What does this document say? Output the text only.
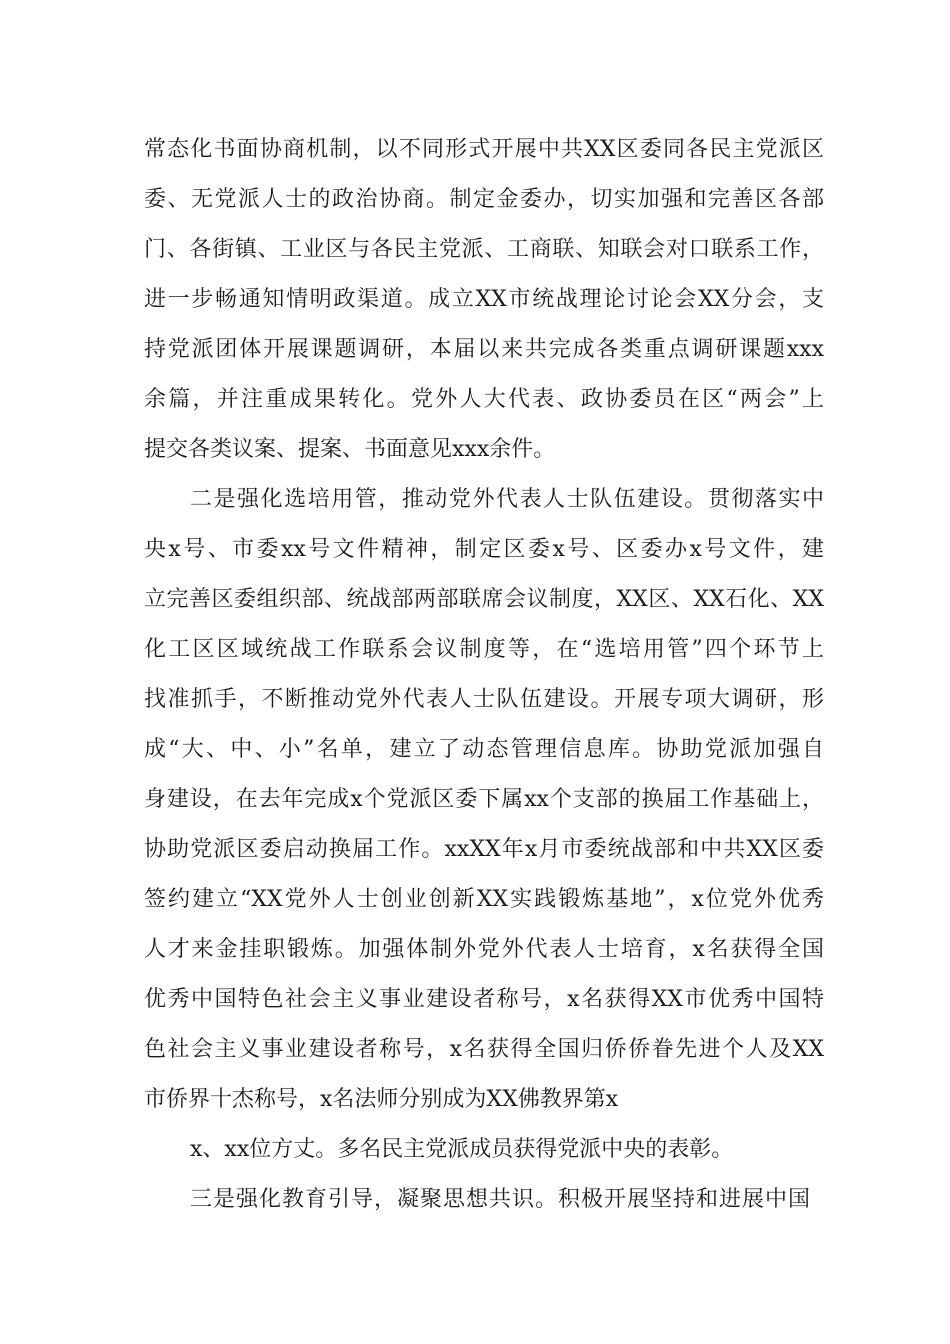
常态化书面协商机制，以不同形式开展中共XX区委同各民主党派区
委、无党派人士的政治协商。制定金委办，切实加强和完善区各部
门、各街镇、工业区与各民主党派、工商联、知联会对口联系工作，
进一步畅通知情明政渠道。成立XX市统战理论讨论会XX分会，支
持党派团体开展课题调研，本届以来共完成各类重点调研课题xxx
余篇，并注重成果转化。党外人大代表、政协委员在区“两会”上
提交各类议案、提案、书面意见xxx余件。
二是强化选培用管，推动党外代表人士队伍建设。贯彻落实中
央x号、市委xx号文件精神，制定区委x号、区委办x号文件，建
立完善区委组织部、统战部两部联席会议制度，XX区、XX石化、XX
化工区区域统战工作联系会议制度等，在“选培用管”四个环节上
找准抓手，不断推动党外代表人士队伍建设。开展专项大调研，形
成“大、中、小”名单，建立了动态管理信息库。协助党派加强自
身建设，在去年完成x个党派区委下属xx个支部的换届工作基础上，
协助党派区委启动换届工作。xxXX年x月市委统战部和中共XX区委
签约建立“XX党外人士创业创新XX实践锻炼基地”，x位党外优秀
人才来金挂职锻炼。加强体制外党外代表人士培育，x名获得全国
优秀中国特色社会主义事业建设者称号，x名获得XX市优秀中国特
色社会主义事业建设者称号，x名获得全国归侨侨眷先进个人及XX
市侨界十杰称号，x名法师分别成为XX佛教界第x
x、xx位方丈。多名民主党派成员获得党派中央的表彰。
三是强化教育引导，凝聚思想共识。积极开展坚持和进展中国
